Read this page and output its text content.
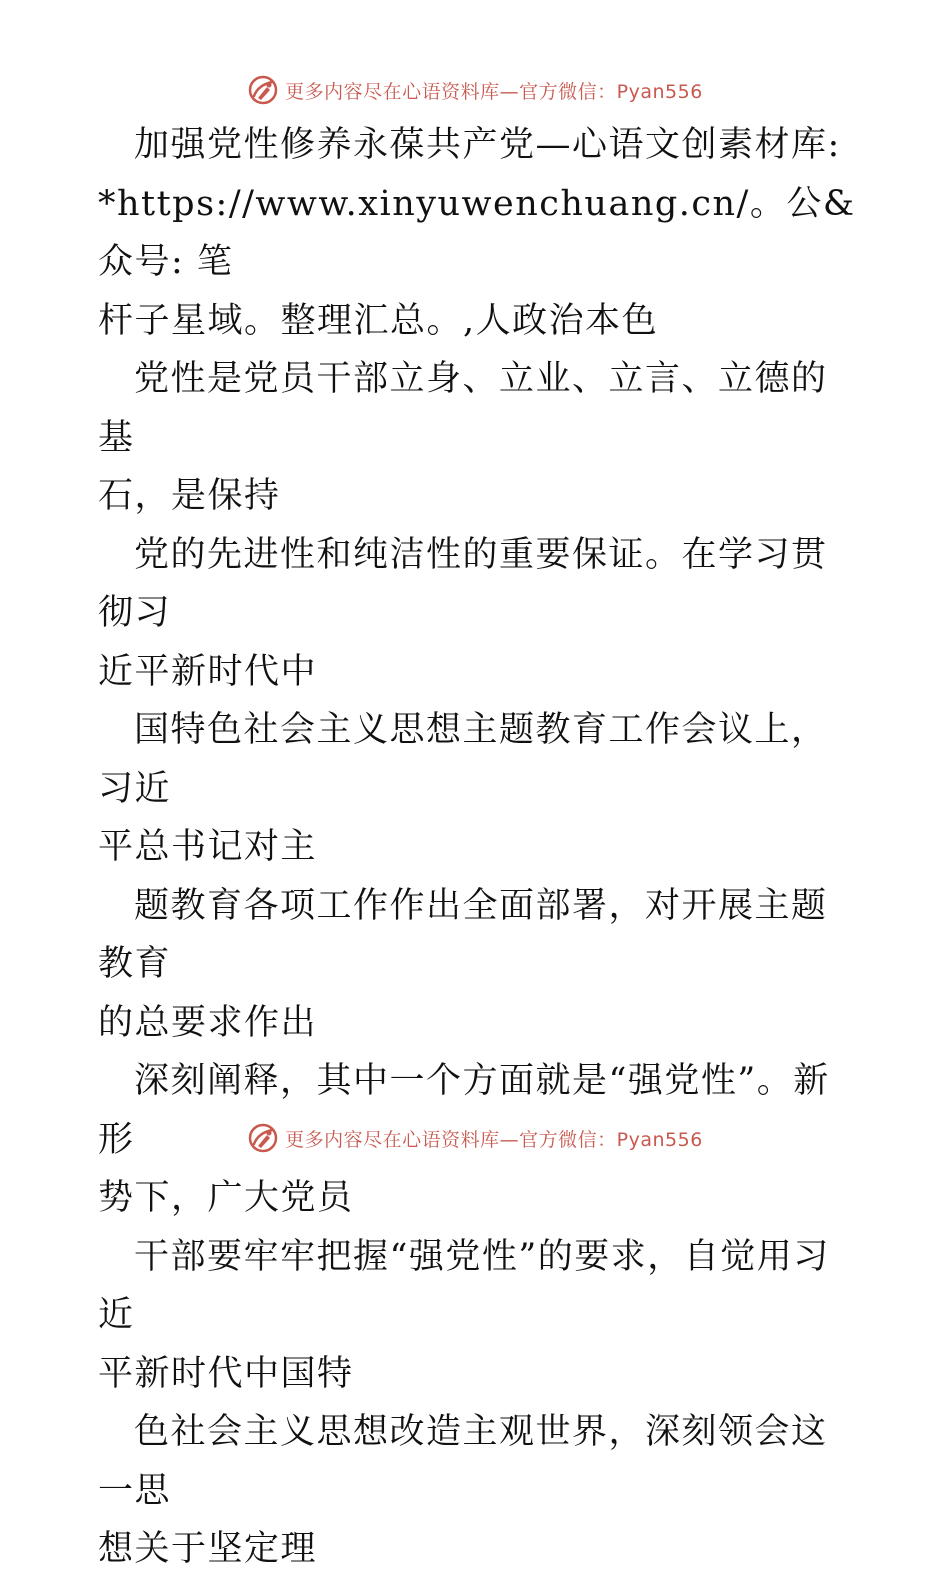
更多内容尽在心语资料库—官方微信：Pyan556

加强党性修养永葆共产党—心语文创素材库:
*https://www.xinyuwenchuang.cn/。公&众号: 笔
杆子星域。整理汇总。,人政治本色

党性是党员干部立身、立业、立言、立德的基
石，是保持

党的先进性和纯洁性的重要保证。在学习贯彻习
近平新时代中

国特色社会主义思想主题教育工作会议上，习近
平总书记对主

题教育各项工作作出全面部署，对开展主题教育
的总要求作出

深刻阐释，其中一个方面就是“强党性”。新形
势下，广大党员

干部要牢牢把握“强党性”的要求，自觉用习近
平新时代中国特

色社会主义思想改造主观世界，深刻领会这一思
想关于坚定理

更多内容尽在心语资料库—官方微信：Pyan556
